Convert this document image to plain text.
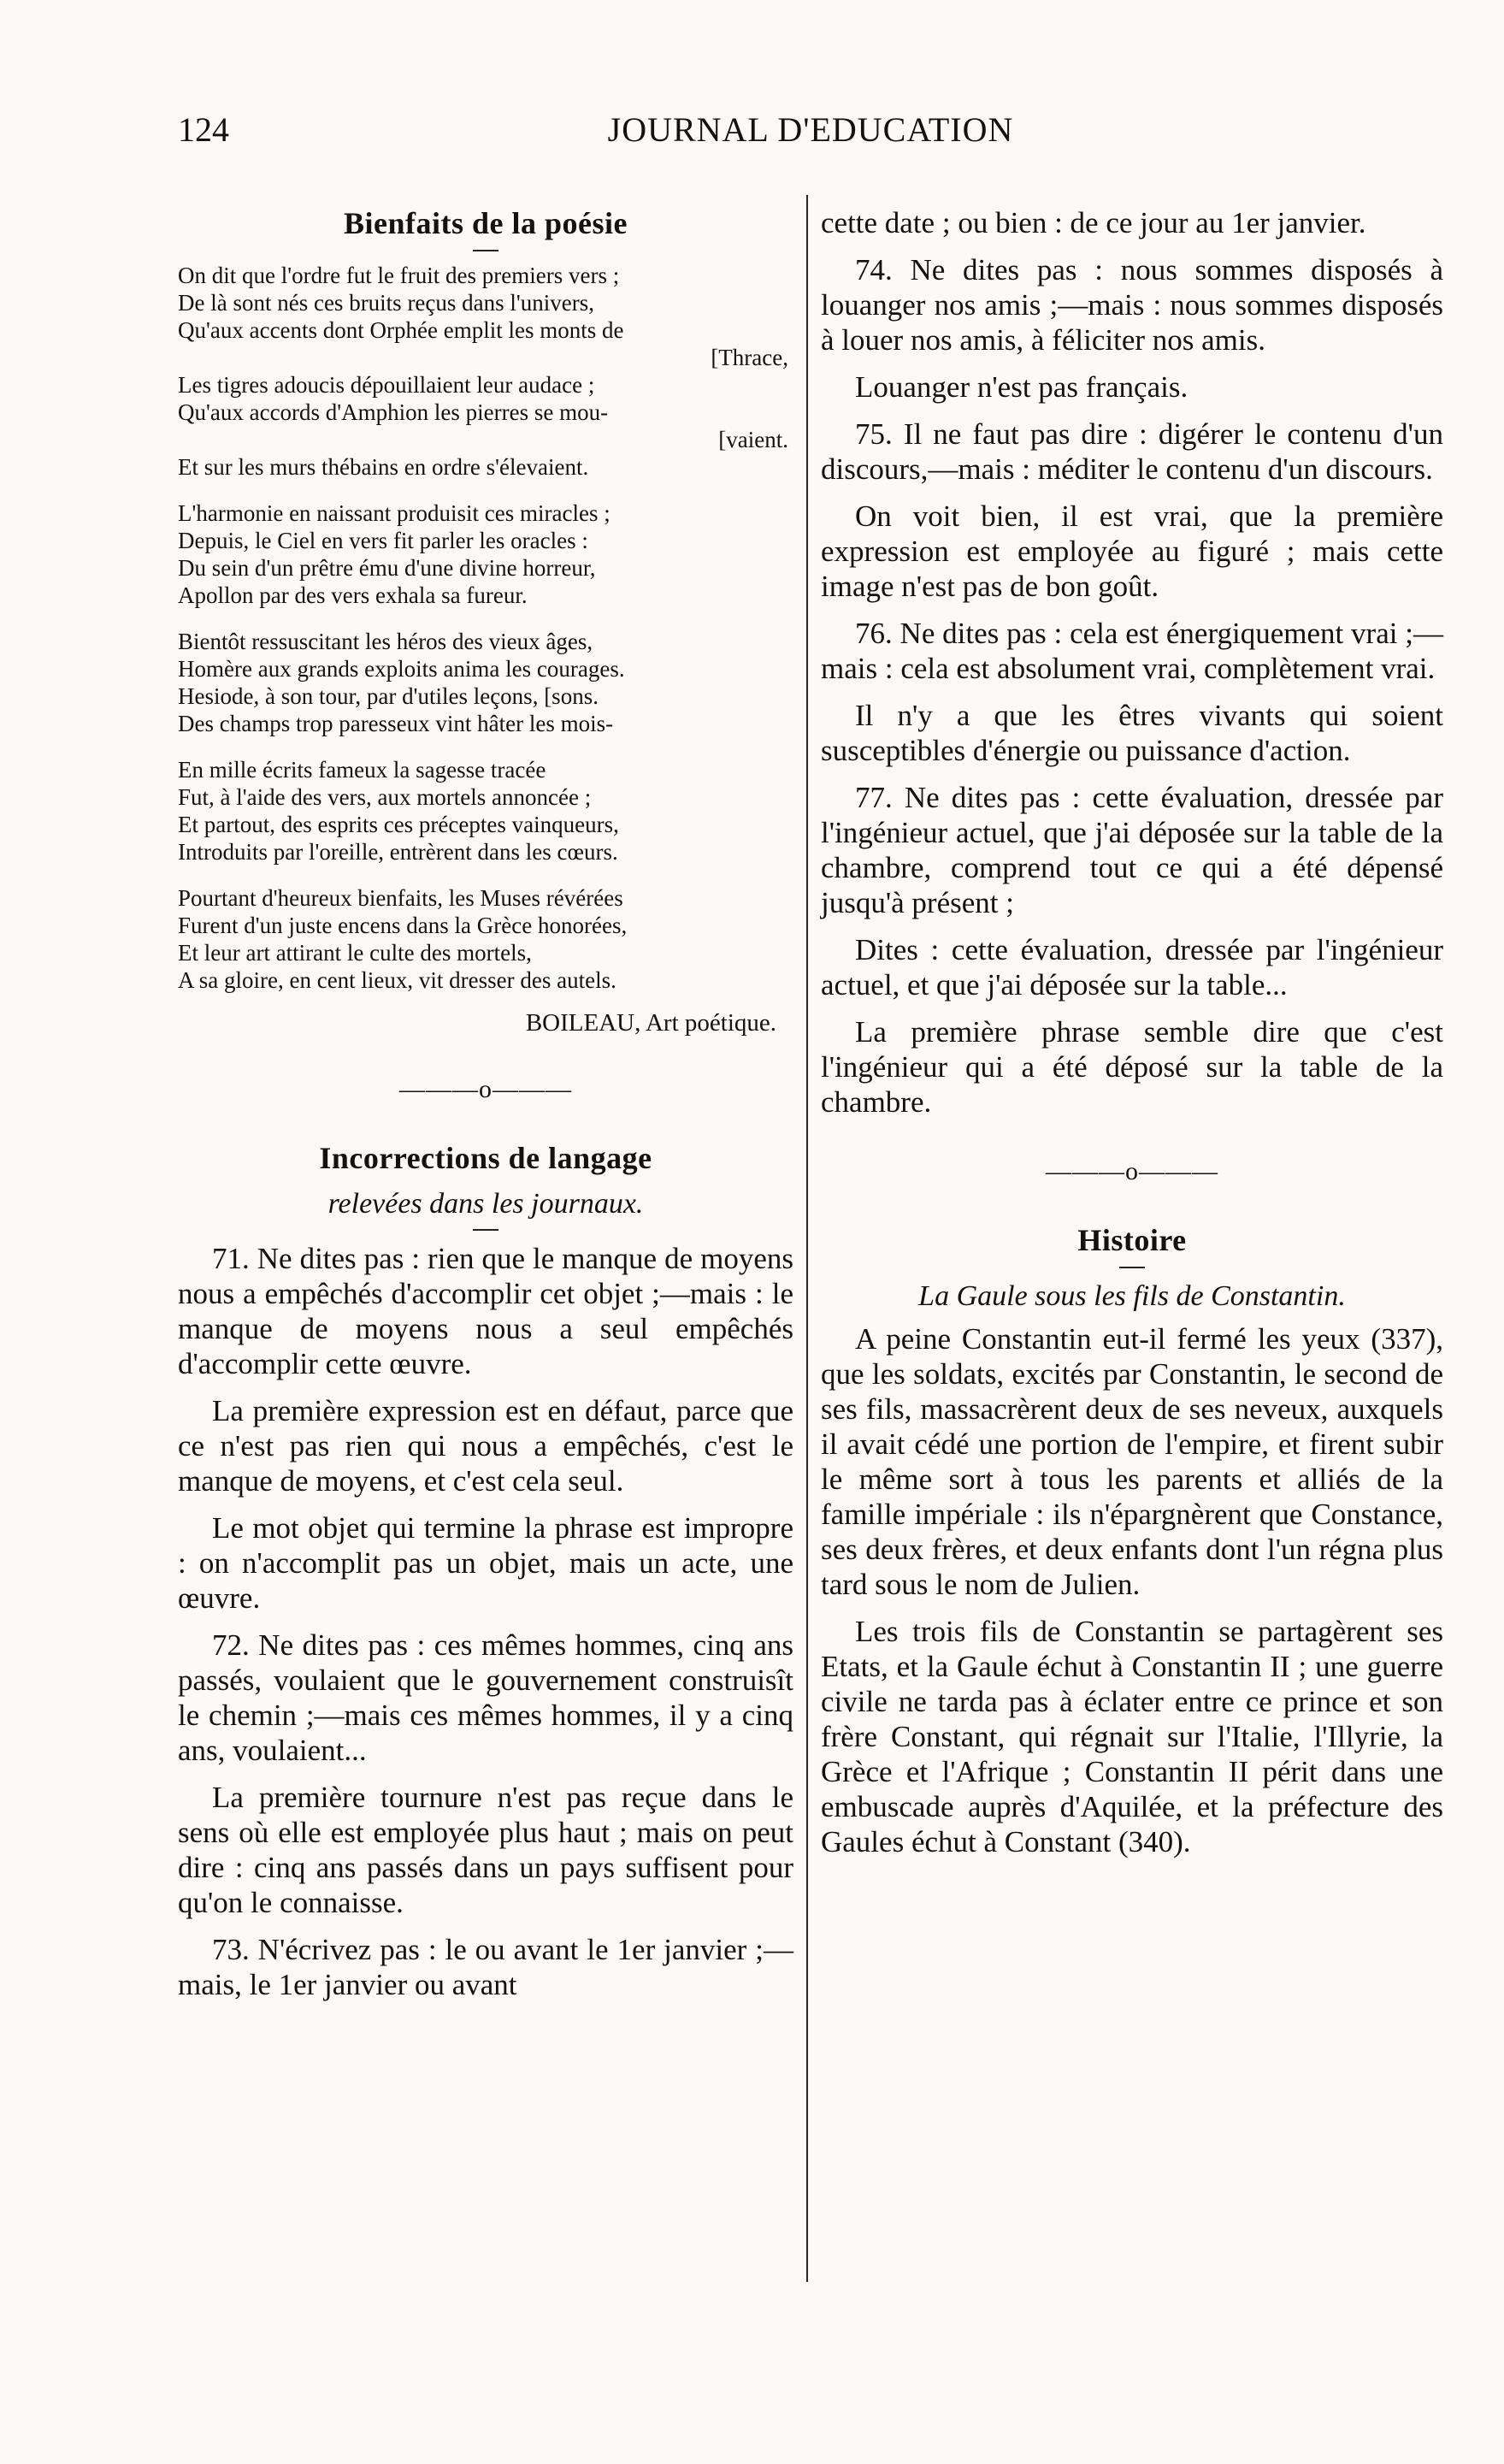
124	JOURNAL D'EDUCATION
Bienfaits de la poésie
On dit que l'ordre fut le fruit des premiers vers ;
De là sont nés ces bruits reçus dans l'univers,
Qu'aux accents dont Orphée emplit les monts de
[Thrace,
Les tigres adoucis dépouillaient leur audace ;
Qu'aux accords d'Amphion les pierres se mou-
[vaient.
Et sur les murs thébains en ordre s'élevaient.
L'harmonie en naissant produisit ces miracles ;
Depuis, le Ciel en vers fit parler les oracles :
Du sein d'un prêtre ému d'une divine horreur,
Apollon par des vers exhala sa fureur.
Bientôt ressuscitant les héros des vieux âges,
Homère aux grands exploits anima les courages.
Hesiode, à son tour, par d'utiles leçons, [sons.
Des champs trop paresseux vint hâter les mois-
En mille écrits fameux la sagesse tracée
Fut, à l'aide des vers, aux mortels annoncée ;
Et partout, des esprits ces préceptes vainqueurs,
Introduits par l'oreille, entrèrent dans les cœurs.
Pourtant d'heureux bienfaits, les Muses révérées
Furent d'un juste encens dans la Grèce honorées,
Et leur art attirant le culte des mortels,
A sa gloire, en cent lieux, vit dresser des autels.
BOILEAU, Art poétique.
———o———
Incorrections de langage
relevées dans les journaux.

71. Ne dites pas : rien que le manque de moyens nous a empêchés d'accomplir cet objet ;—mais : le manque de moyens nous a seul empêchés d'accomplir cette œuvre.

La première expression est en défaut, parce que ce n'est pas rien qui nous a empêchés, c'est le manque de moyens, et c'est cela seul.

Le mot objet qui termine la phrase est impropre : on n'accomplit pas un objet, mais un acte, une œuvre.

72. Ne dites pas : ces mêmes hommes, cinq ans passés, voulaient que le gouvernement construisît le chemin ;—mais ces mêmes hommes, il y a cinq ans, voulaient...

La première tournure n'est pas reçue dans le sens où elle est employée plus haut ; mais on peut dire : cinq ans passés dans un pays suffisent pour qu'on le connaisse.

73. N'écrivez pas : le ou avant le 1er janvier ;—mais, le 1er janvier ou avant

cette date ; ou bien : de ce jour au 1er janvier.

74. Ne dites pas : nous sommes disposés à louanger nos amis ;—mais : nous sommes disposés à louer nos amis, à féliciter nos amis.

Louanger n'est pas français.

75. Il ne faut pas dire : digérer le contenu d'un discours,—mais : méditer le contenu d'un discours.

On voit bien, il est vrai, que la première expression est employée au figuré ; mais cette image n'est pas de bon goût.

76. Ne dites pas : cela est énergiquement vrai ;—mais : cela est absolument vrai, complètement vrai.

Il n'y a que les êtres vivants qui soient susceptibles d'énergie ou puissance d'action.

77. Ne dites pas : cette évaluation, dressée par l'ingénieur actuel, que j'ai déposée sur la table de la chambre, comprend tout ce qui a été dépensé jusqu'à présent ;

Dites : cette évaluation, dressée par l'ingénieur actuel, et que j'ai déposée sur la table...

La première phrase semble dire que c'est l'ingénieur qui a été déposé sur la table de la chambre.

———o———
Histoire
La Gaule sous les fils de Constantin.

A peine Constantin eut-il fermé les yeux (337), que les soldats, excités par Constantin, le second de ses fils, massacrèrent deux de ses neveux, auxquels il avait cédé une portion de l'empire, et firent subir le même sort à tous les parents et alliés de la famille impériale : ils n'épargnèrent que Constance, ses deux frères, et deux enfants dont l'un régna plus tard sous le nom de Julien.

Les trois fils de Constantin se partagèrent ses Etats, et la Gaule échut à Constantin II ; une guerre civile ne tarda pas à éclater entre ce prince et son frère Constant, qui régnait sur l'Italie, l'Illyrie, la Grèce et l'Afrique ; Constantin II périt dans une embuscade auprès d'Aquilée, et la préfecture des Gaules échut à Constant (340).
